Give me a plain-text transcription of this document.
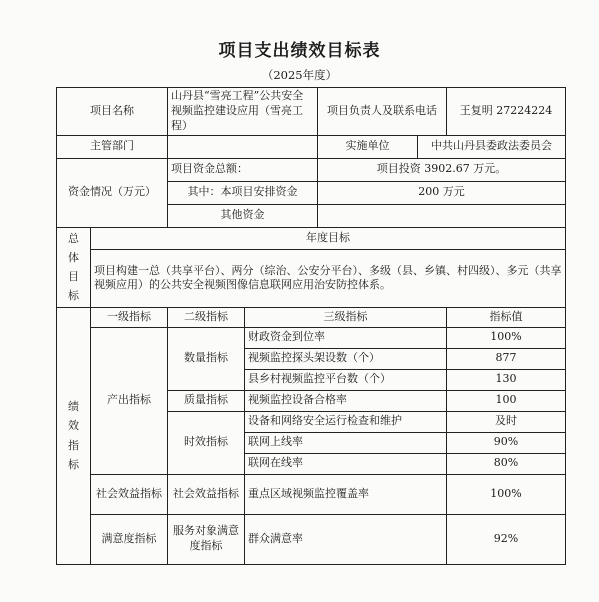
项目支出绩效目标表
（2025年度）
项目名称		山丹县“雪亮工程”公共安全视频监控建设应用（雪亮工程）		项目负责人及联系电话		王复明 27224224
主管部门				实施单位	中共山丹县委政法委员会	
资金情况（万元）		项目资金总额：		项目投资 3902.67 万元。		
		其中：本项目安排资金		200 万元		
		其他资金				

总
体
目
标	年度目标					
	项目构建一总（共享平台）、两分（综治、公安分平台）、多级（县、乡镇、村四级）、多元（共享视频应用）的公共安全视频图像信息联网应用治安防控体系。					

绩
效
指
标	一级指标	二级指标	三级指标			指标值
	产出指标	数量指标	财政资金到位率			100%
			视频监控探头架设数（个）			877
			县乡村视频监控平台数（个）			130
		质量指标	视频监控设备合格率			100
		时效指标	设备和网络安全运行检查和维护			及时
			联网上线率			90%
			联网在线率			80%
	社会效益指标	社会效益指标	重点区域视频监控覆盖率			100%
	满意度指标	服务对象满意度指标	群众满意率			92%
